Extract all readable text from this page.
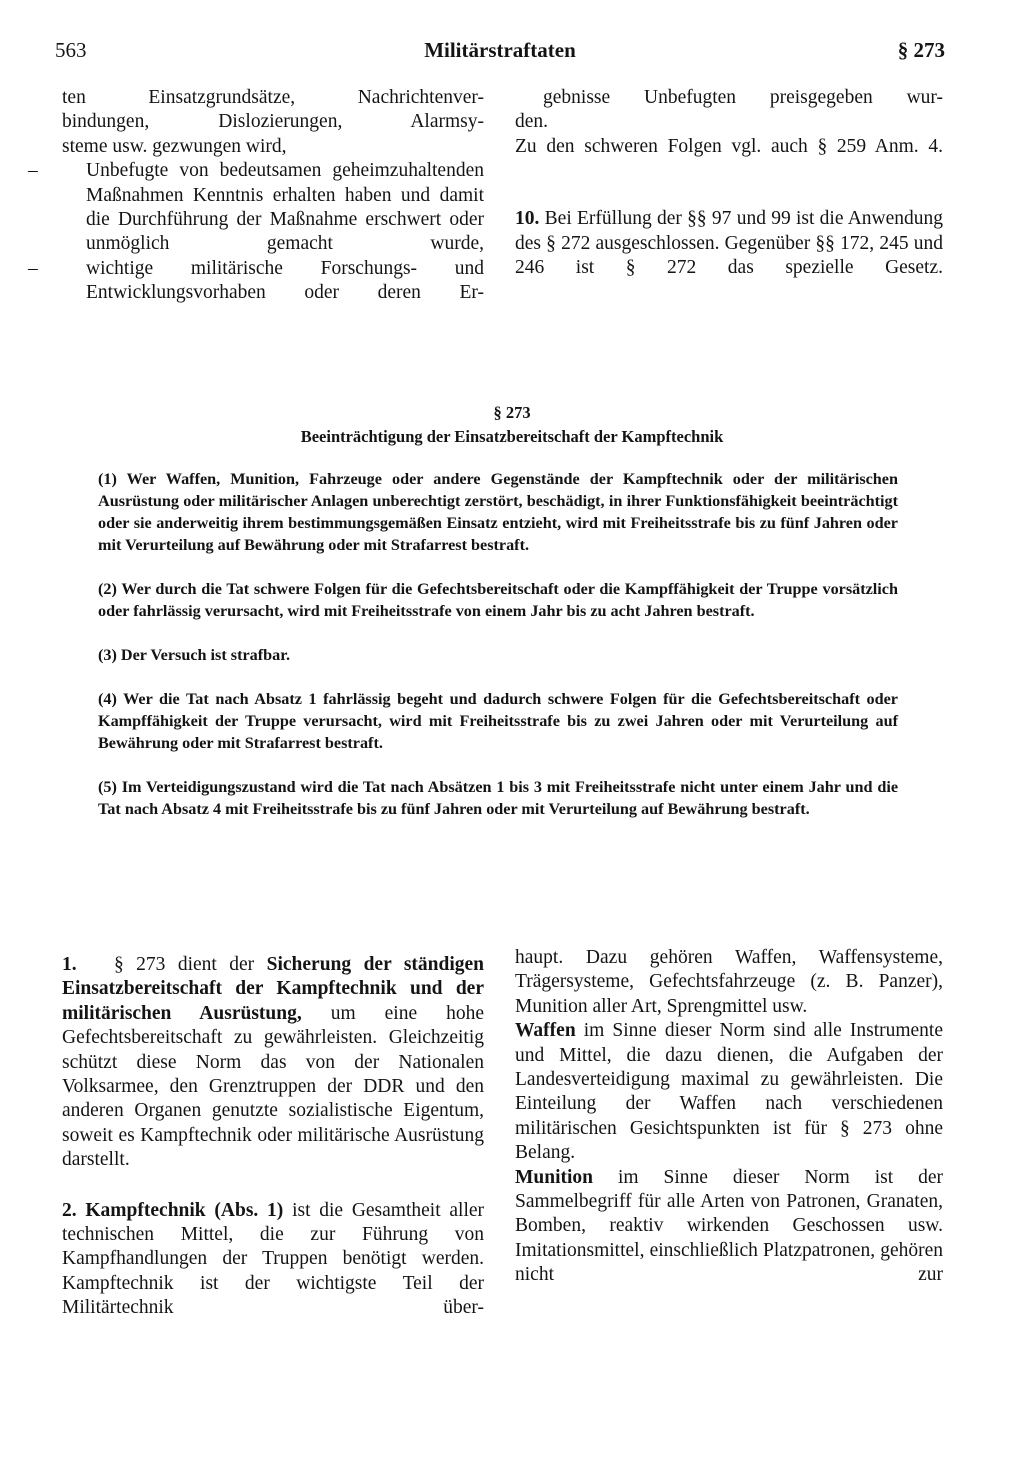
563	Militärstraftaten	§ 273

ten Einsatzgrundsätze, Nachrichtenver-

bindungen, Dislozierungen, Alarmsy-

steme usw. gezwungen wird,

– Unbefugte von bedeutsamen geheimzuhaltenden Maßnahmen Kenntnis erhalten haben und damit die Durchführung der Maßnahme erschwert oder unmöglich gemacht wurde,

– wichtige militärische Forschungs- und Entwicklungsvorhaben oder deren Er-

gebnisse Unbefugten preisgegeben wur-

den.

Zu den schweren Folgen vgl. auch § 259 Anm. 4.

10. Bei Erfüllung der §§ 97 und 99 ist die Anwendung des § 272 ausgeschlossen. Gegenüber §§ 172, 245 und 246 ist § 272 das spezielle Gesetz.

§ 273
Beeinträchtigung der Einsatzbereitschaft der Kampftechnik

(1) Wer Waffen, Munition, Fahrzeuge oder andere Gegenstände der Kampftechnik oder der militärischen Ausrüstung oder militärischer Anlagen unberechtigt zerstört, beschädigt, in ihrer Funktionsfähigkeit beeinträchtigt oder sie anderweitig ihrem bestimmungsgemäßen Einsatz entzieht, wird mit Freiheitsstrafe bis zu fünf Jahren oder mit Verurteilung auf Bewährung oder mit Strafarrest bestraft.

(2) Wer durch die Tat schwere Folgen für die Gefechtsbereitschaft oder die Kampffähigkeit der Truppe vorsätzlich oder fahrlässig verursacht, wird mit Freiheitsstrafe von einem Jahr bis zu acht Jahren bestraft.

(3) Der Versuch ist strafbar.

(4) Wer die Tat nach Absatz 1 fahrlässig begeht und dadurch schwere Folgen für die Gefechtsbereitschaft oder Kampffähigkeit der Truppe verursacht, wird mit Freiheitsstrafe bis zu zwei Jahren oder mit Verurteilung auf Bewährung oder mit Strafarrest bestraft.

(5) Im Verteidigungszustand wird die Tat nach Absätzen 1 bis 3 mit Freiheitsstrafe nicht unter einem Jahr und die Tat nach Absatz 4 mit Freiheitsstrafe bis zu fünf Jahren oder mit Verurteilung auf Bewährung bestraft.

1. § 273 dient der Sicherung der ständigen Einsatzbereitschaft der Kampftechnik und der militärischen Ausrüstung, um eine hohe Gefechtsbereitschaft zu gewährleisten. Gleichzeitig schützt diese Norm das von der Nationalen Volksarmee, den Grenztruppen der DDR und den anderen Organen genutzte sozialistische Eigentum, soweit es Kampftechnik oder militärische Ausrüstung darstellt.

2. Kampftechnik (Abs. 1) ist die Gesamtheit aller technischen Mittel, die zur Führung von Kampfhandlungen der Truppen benötigt werden. Kampftechnik ist der wichtigste Teil der Militärtechnik über-

haupt. Dazu gehören Waffen, Waffensysteme, Trägersysteme, Gefechtsfahrzeuge (z. B. Panzer), Munition aller Art, Sprengmittel usw.

Waffen im Sinne dieser Norm sind alle Instrumente und Mittel, die dazu dienen, die Aufgaben der Landesverteidigung maximal zu gewährleisten. Die Einteilung der Waffen nach verschiedenen militärischen Gesichtspunkten ist für § 273 ohne Belang.

Munition im Sinne dieser Norm ist der Sammelbegriff für alle Arten von Patronen, Granaten, Bomben, reaktiv wirkenden Geschossen usw. Imitationsmittel, einschließlich Platzpatronen, gehören nicht zur
